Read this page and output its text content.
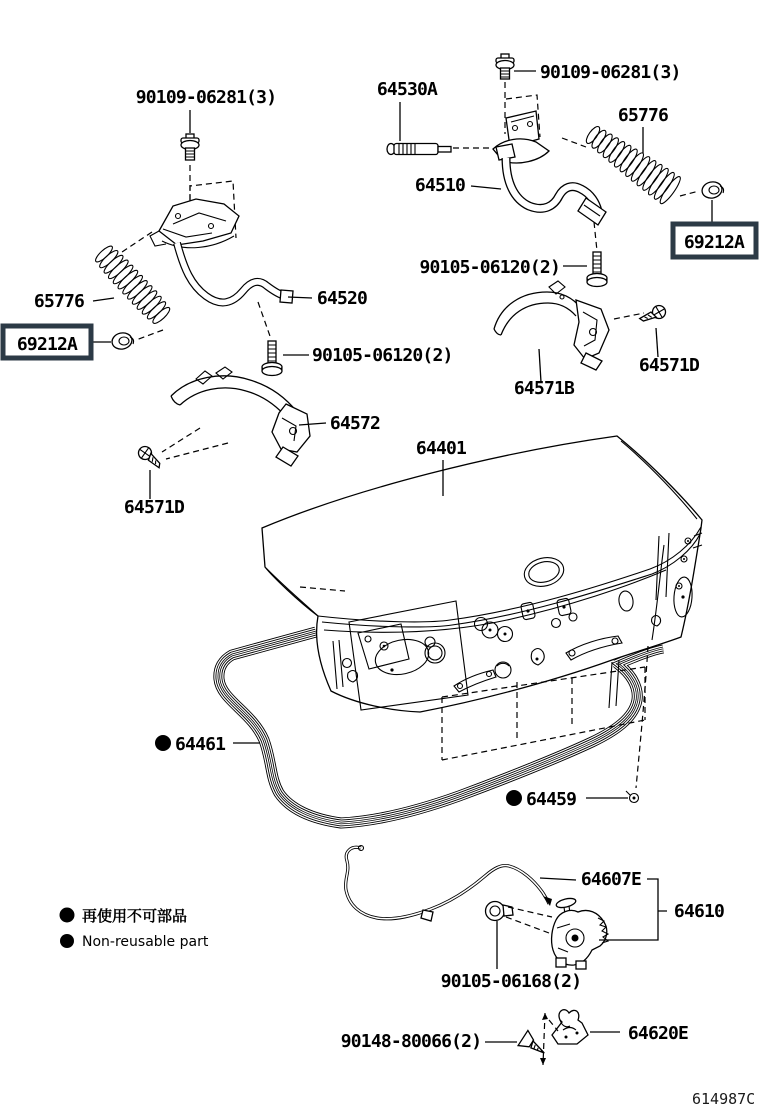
90109-06281(3)	64530A
90109-06281(3)
65776
64510
69212A
90105-06120(2)
65776
69212A
64520
90105-06120(2)
64571B
64571D
64572
64571D
64401
64461
64459
64607E
64610
90105-06168(2)
90148-80066(2)	64620E
再使用不可部品
Non-reusable part
614987C
